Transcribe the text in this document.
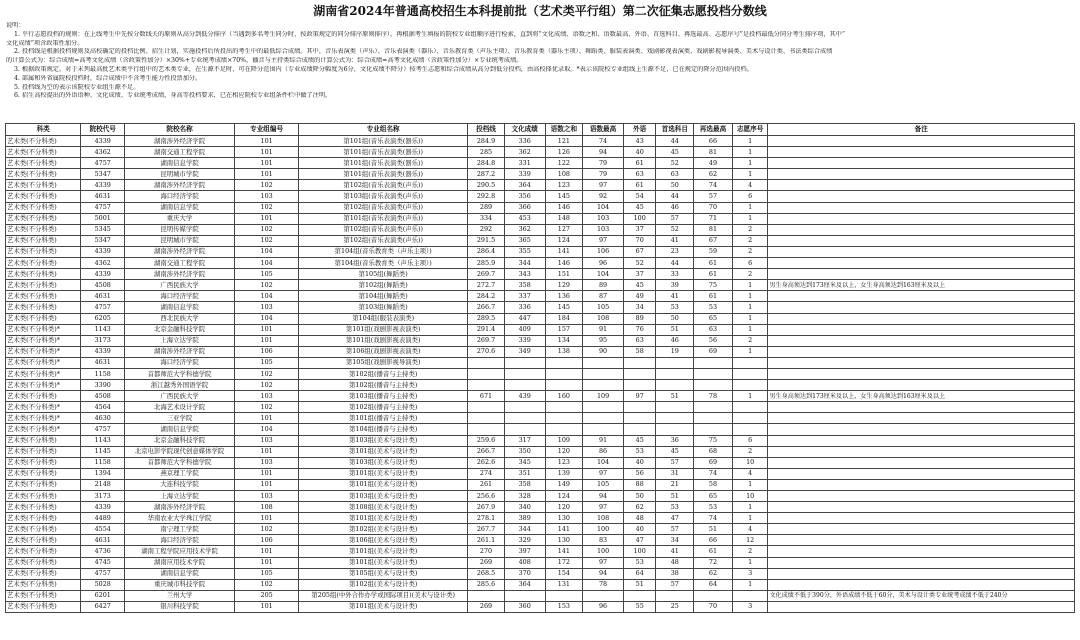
湖南省2024年普通高校招生本科提前批（艺术类平行组）第二次征集志愿投档分数线
说明：
1. 平行志愿投档的规则：在上线考生中先按分数线关的原则从高分到低分排序（当遇到多名考生同分时，按政策规定的同分排序原则排序），再根据考生填报的院校专业组顺序进行检索，直到将“文化成绩、语数之和、语数最高、外语、首选科目、再选最高、志愿序号”是投档最低分同分考生排序项，其中“
文化成绩”项含政策性加分。
2. 投档线是根据投档规则及高校确定的投档比例、招生计划，实施投档后所投出的考生中的最低综合成绩。其中，音乐表演类（声乐）、音乐表演类（器乐）、音乐教育类（声乐主项）、音乐教育类（器乐主项）、舞蹈类、服装表演类、戏剧影视表演类、戏剧影视导演类、美术与设计类、书法类综合成绩
的计算公式为：综合成绩=高考文化成绩（含政策性加分）×30%+专业统考成绩×70%，播音与主持类综合成绩的计算公式为：综合成绩=高考文化成绩（含政策性加分）×专业统考成绩。
3. 根据政策规定，对于未列最高批艺术类平行组中的艺术类专业，在生源不足时，可在降分范围内（专业成绩降分幅度为6分，文化成绩不降分）按考生志愿和综合成绩从高分到低分投档，由高校择优录取。*表示该院校专业组线上生源不足，已在规定的降分范围内投档。
4. 部属和外省属院校投档时，综合成绩中不含考生能力性投票加分。
5. 投档线为空的表示该院校专业组生源不足。
6. 招生高校提出的外语语种、文化成绩、专业统考成绩、身高等投档要求，已在相应院校专业组条件栏中做了注明。
科类	院校代号	院校名称	专业组编号	专业组名称	投档线	文化成绩	语数之和	语数最高	外语	首选科目	再选最高	志愿序号	备注
艺术类(不分科类)	4339	湖南涉外经济学院	101	第101组(音乐表演类(器乐))	284.9	336	121	74	43	44	66	1	
艺术类(不分科类)	4362	湖南交通工程学院	101	第101组(音乐表演类(器乐))	285	362	126	94	40	45	81	1	
艺术类(不分科类)	4757	湖南信息学院	101	第101组(音乐表演类(器乐))	284.8	331	122	79	61	52	49	1	
艺术类(不分科类)	5347	昆明城市学院	101	第101组(音乐表演类(器乐))	287.2	339	108	79	63	63	62	1	
艺术类(不分科类)	4339	湖南涉外经济学院	102	第102组(音乐表演类(声乐))	290.5	364	123	97	61	50	74	4	
艺术类(不分科类)	4631	海口经济学院	103	第103组(音乐表演类(声乐))	292.8	356	145	92	54	44	57	6	
艺术类(不分科类)	4757	湖南信息学院	102	第102组(音乐表演类(声乐))	289	366	146	104	45	46	70	1	
艺术类(不分科类)	5001	重庆大学	101	第101组(音乐表演类(声乐))	334	453	148	103	100	57	71	1	
艺术类(不分科类)	5345	昆明传媒学院	102	第102组(音乐表演类(声乐))	292	362	127	103	37	52	81	2	
艺术类(不分科类)	5347	昆明城市学院	102	第102组(音乐表演类(声乐))	291.5	365	124	97	70	41	67	2	
艺术类(不分科类)	4339	湖南涉外经济学院	104	第104组(音乐教育类（声乐主项）)	286.4	355	141	106	67	23	59	2	
艺术类(不分科类)	4362	湖南交通工程学院	104	第104组(音乐教育类（声乐主项）)	285.9	344	146	96	52	44	61	6	
艺术类(不分科类)	4339	湖南涉外经济学院	105	第105组(舞蹈类)	269.7	343	151	104	37	33	61	2	
艺术类(不分科类)	4508	广西民族大学	102	第102组(舞蹈类)	272.7	358	129	89	45	39	75	1	男生身高须达到173厘米及以上，女生身高须达到163厘米及以上
艺术类(不分科类)	4631	海口经济学院	104	第104组(舞蹈类)	284.2	337	136	87	49	41	61	1	
艺术类(不分科类)	4757	湖南信息学院	103	第103组(舞蹈类)	266.7	336	145	105	34	53	53	1	
艺术类(不分科类)	6205	西北民族大学	104	第104组(服装表演类)	289.5	447	184	108	89	50	65	1	
艺术类(不分科类)*	1143	北京金融科技学院	101	第101组(戏剧影视表演类)	291.4	409	157	91	76	51	63	1	
艺术类(不分科类)*	3173	上海立达学院	101	第101组(戏剧影视表演类)	269.7	339	134	95	63	46	56	2	
艺术类(不分科类)*	4339	湖南涉外经济学院	106	第106组(戏剧影视表演类)	270.6	349	138	90	58	19	69	1	
艺术类(不分科类)*	4631	海口经济学院	105	第105组(戏剧影视导演类)									
艺术类(不分科类)*	1158	首都师范大学科德学院	102	第102组(播音与主持类)									
艺术类(不分科类)*	3390	浙江越秀外国语学院	102	第102组(播音与主持类)									
艺术类(不分科类)	4508	广西民族大学	103	第103组(播音与主持类)	671	439	160	109	97	51	78	1	男生身高须达到173厘米及以上，女生身高须达到163厘米及以上
艺术类(不分科类)*	4564	北海艺术设计学院	102	第102组(播音与主持类)									
艺术类(不分科类)*	4630	三亚学院	101	第101组(播音与主持类)									
艺术类(不分科类)*	4757	湖南信息学院	104	第104组(播音与主持类)									
艺术类(不分科类)	1143	北京金融科技学院	103	第103组(美术与设计类)	259.6	317	109	91	45	36	75	6	
艺术类(不分科类)	1145	北京电影学院现代创意媒体学院	101	第101组(美术与设计类)	266.7	350	120	86	53	45	68	2	
艺术类(不分科类)	1158	首都师范大学科德学院	103	第103组(美术与设计类)	262.6	345	123	104	40	57	69	10	
艺术类(不分科类)	1394	燕京理工学院	101	第101组(美术与设计类)	274	351	139	97	56	31	74	4	
艺术类(不分科类)	2148	大连科技学院	101	第101组(美术与设计类)	261	358	149	105	88	21	58	1	
艺术类(不分科类)	3173	上海立达学院	103	第103组(美术与设计类)	256.6	328	124	94	50	51	65	10	
艺术类(不分科类)	4339	湖南涉外经济学院	108	第108组(美术与设计类)	267.9	340	120	97	62	53	53	1	
艺术类(不分科类)	4489	华南农业大学珠江学院	101	第101组(美术与设计类)	278.1	389	130	108	48	47	74	1	
艺术类(不分科类)	4554	南宁理工学院	102	第102组(美术与设计类)	267.7	344	141	100	40	57	51	4	
艺术类(不分科类)	4631	海口经济学院	106	第106组(美术与设计类)	261.1	329	130	83	47	34	66	12	
艺术类(不分科类)	4736	湖南工程学院应用技术学院	101	第101组(美术与设计类)	270	397	141	100	100	41	61	2	
艺术类(不分科类)	4745	湖南应用技术学院	101	第101组(美术与设计类)	269	408	172	97	53	48	72	1	
艺术类(不分科类)	4757	湖南信息学院	105	第105组(美术与设计类)	268.5	370	154	94	64	38	62	3	
艺术类(不分科类)	5028	重庆城市科技学院	102	第102组(美术与设计类)	285.6	364	131	78	51	57	64	1	
艺术类(不分科类)	6201	兰州大学	205	第205组(中外合作办学或国际项目)(美术与设计类)									文化成绩不低于390分，外语成绩不低于60分，美术与设计类专业统考成绩不低于240分
艺术类(不分科类)	6427	银川科技学院	101	第101组(美术与设计类)	269	360	153	96	55	25	70	3	
